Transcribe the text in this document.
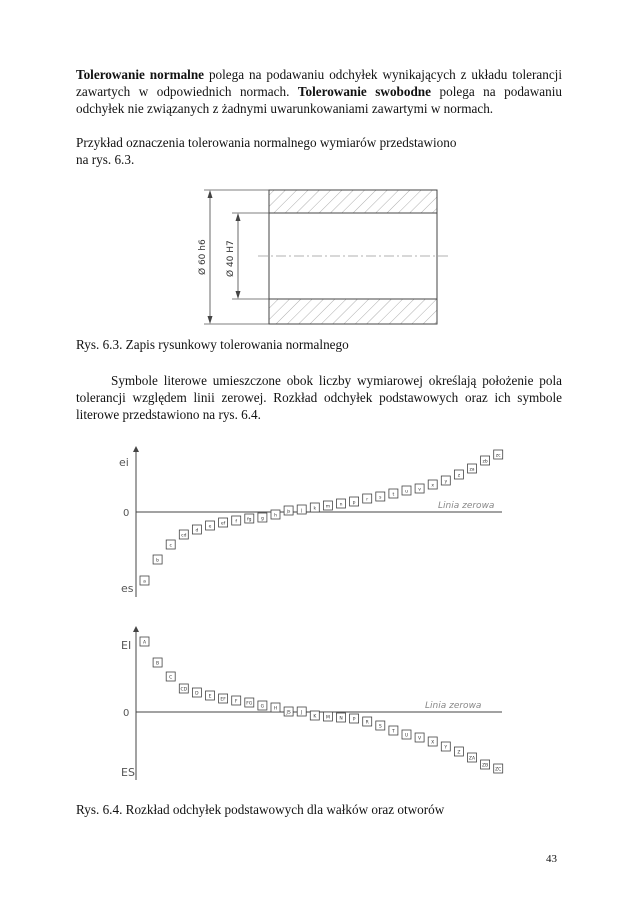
Tolerowanie normalne polega na podawaniu odchyłek wynikających z układu tolerancji zawartych w odpowiednich normach. Tolerowanie swobodne polega na podawaniu odchyłek nie związanych z żadnymi uwarunkowaniami zawartymi w normach.
Przykład oznaczenia tolerowania normalnego wymiarów przedstawiono
na rys. 6.3.
Ø 60 h6 Ø 40 H7
Rys. 6.3. Zapis rysunkowy tolerowania normalnego
Symbole literowe umieszczone obok liczby wymiarowej określają położenie pola tolerancji względem linii zerowej. Rozkład odchyłek podstawowych oraz ich symbole literowe przedstawiono na rys. 6.4.
ei
0
es
Linia zerowa
a
b
c
cd
d
e
ef f fg g
h
js j k m n p
r s
t
u v
x
y
z
za
zb
zc
EI
0
ES
Linia zerowa
A
B
C
CD
D
E
EF F FG
G H
JS J
K M N P
R
S
T
U
V
X
Y
Z
ZA
ZB
ZC
Rys. 6.4. Rozkład odchyłek podstawowych dla wałków oraz otworów
43
